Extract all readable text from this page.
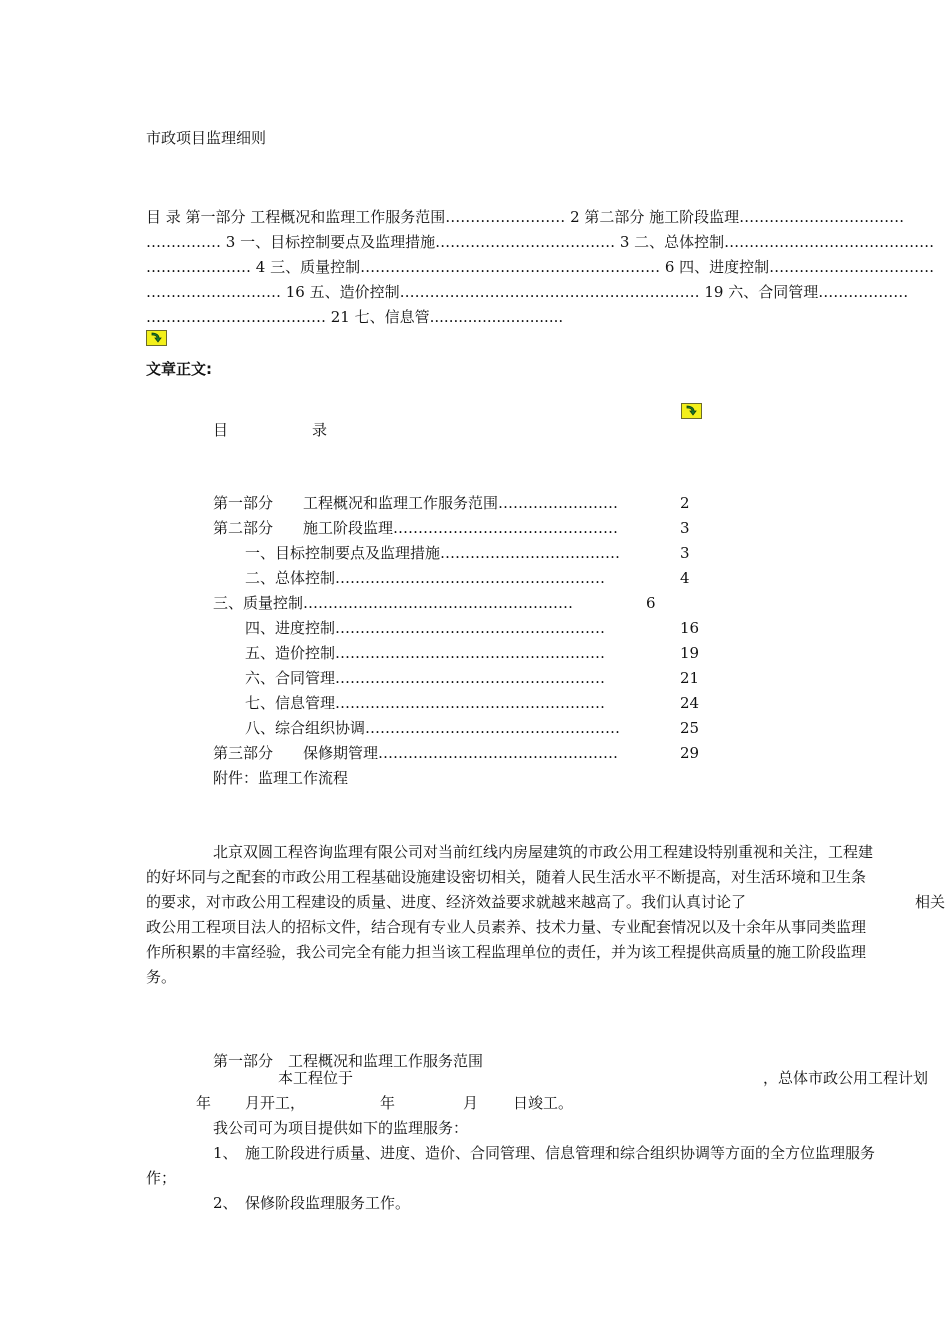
市政项目监理细则
目 录 第一部分 工程概况和监理工作服务范围…………………… 2 第二部分 施工阶段监理……………………………
…………… 3 一、目标控制要点及监理措施……………………………… 3 二、总体控制……………………………………
………………… 4 三、质量控制…………………………………………………… 6 四、进度控制……………………………
……………………… 16 五、造价控制…………………………………………………… 19 六、合同管理………………
……………………………… 21 七、信息管............................
文章正文:
目	录
第一部分　　工程概况和监理工作服务范围……………………	2
第二部分　　施工阶段监理………………………………………	3
一、目标控制要点及监理措施………………………………	3
二、总体控制………………………………………………	4
三、质量控制………………………………………………	6
四、进度控制………………………………………………	16
五、造价控制………………………………………………	19
六、合同管理………………………………………………	21
七、信息管理………………………………………………	24
八、综合组织协调……………………………………………	25
第三部分　　保修期管理…………………………………………	29
附件：监理工作流程
北京双圆工程咨询监理有限公司对当前红线内房屋建筑的市政公用工程建设特别重视和关注，工程建
的好坏同与之配套的市政公用工程基础设施建设密切相关，随着人民生活水平不断提高，对生活环境和卫生条
的要求，对市政公用工程建设的质量、进度、经济效益要求就越来越高了。我们认真讨论了	相关
政公用工程项目法人的招标文件，结合现有专业人员素养、技术力量、专业配套情况以及十余年从事同类监理
作所积累的丰富经验，我公司完全有能力担当该工程监理单位的责任，并为该工程提供高质量的施工阶段监理
务。
第一部分　工程概况和监理工作服务范围
本工程位于	，总体市政公用工程计划
年 月开工，	年	月 日竣工。
我公司可为项目提供如下的监理服务：
1、　施工阶段进行质量、进度、造价、合同管理、信息管理和综合组织协调等方面的全方位监理服务
作；
2、　保修阶段监理服务工作。
